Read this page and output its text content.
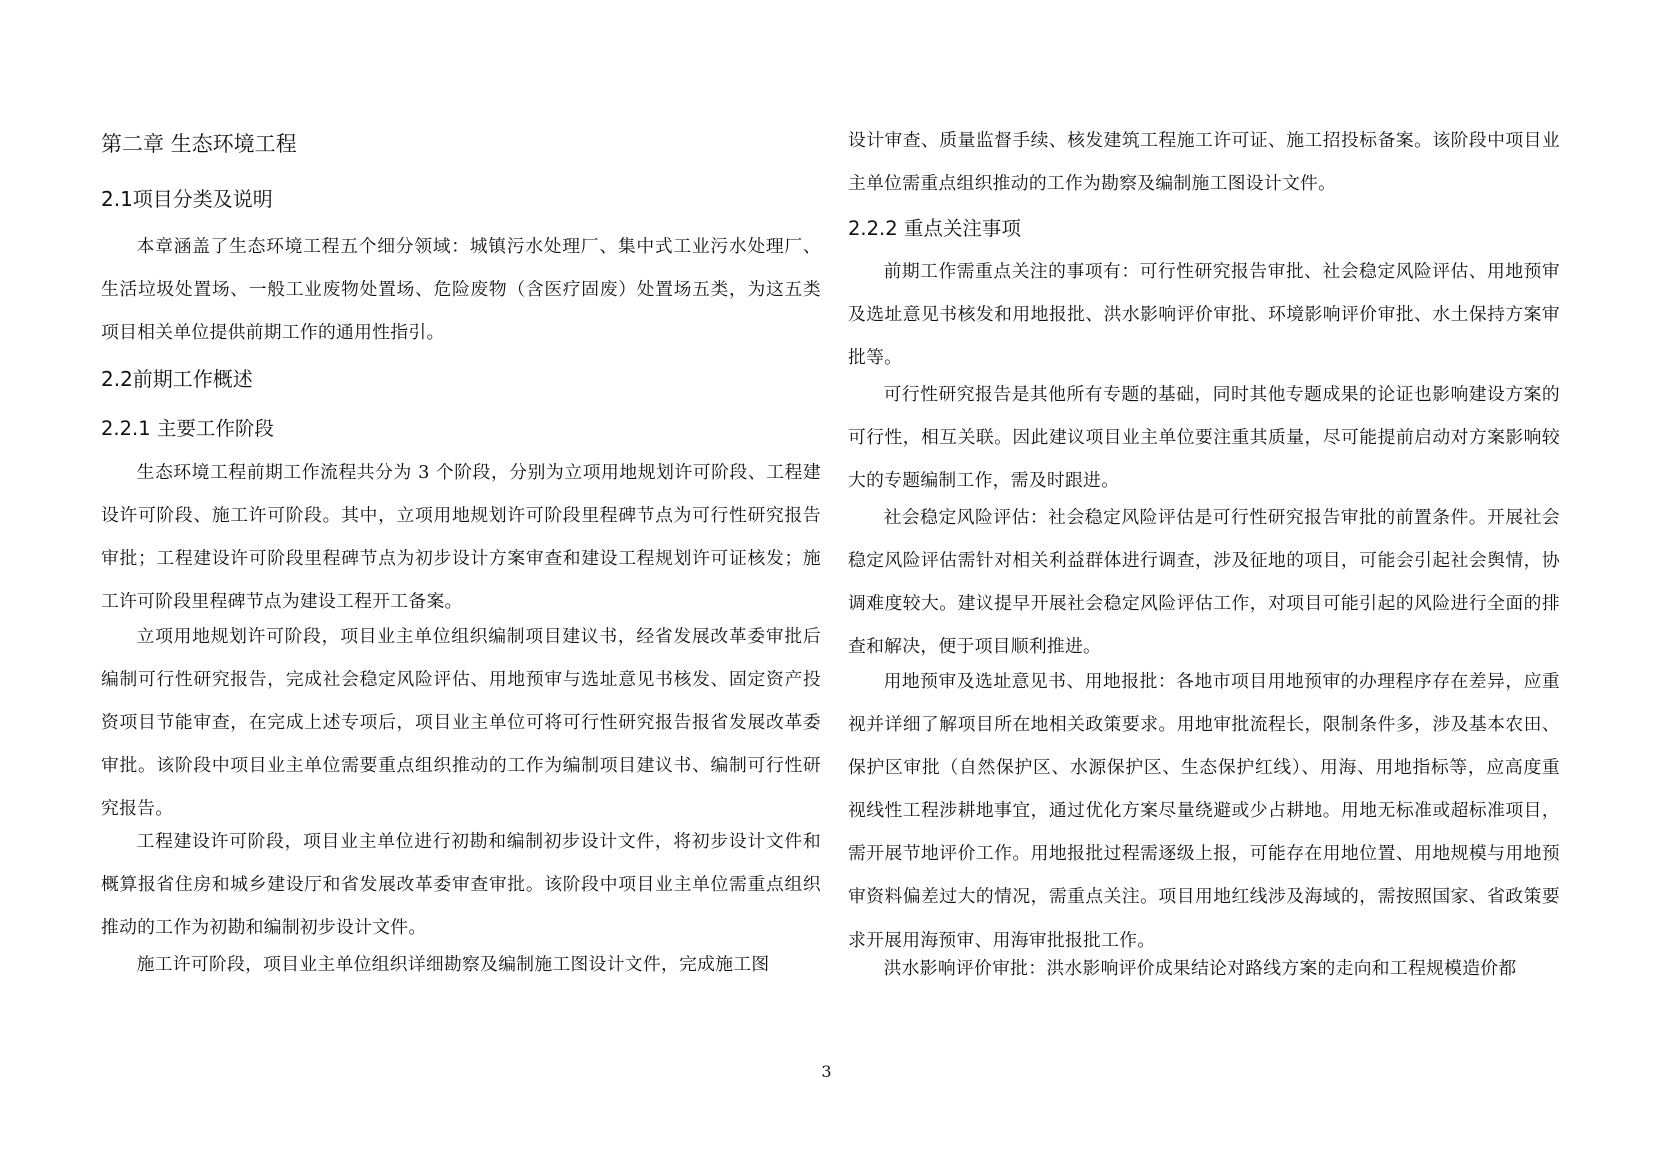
第二章 生态环境工程
2.1项目分类及说明

本章涵盖了生态环境工程五个细分领域：城镇污水处理厂、集中式工业污水处理厂、生活垃圾处置场、一般工业废物处置场、危险废物（含医疗固废）处置场五类，为这五类项目相关单位提供前期工作的通用性指引。

2.2前期工作概述
2.2.1 主要工作阶段

生态环境工程前期工作流程共分为 3 个阶段，分别为立项用地规划许可阶段、工程建设许可阶段、施工许可阶段。其中，立项用地规划许可阶段里程碑节点为可行性研究报告审批；工程建设许可阶段里程碑节点为初步设计方案审查和建设工程规划许可证核发；施工许可阶段里程碑节点为建设工程开工备案。

立项用地规划许可阶段，项目业主单位组织编制项目建议书，经省发展改革委审批后编制可行性研究报告，完成社会稳定风险评估、用地预审与选址意见书核发、固定资产投资项目节能审查，在完成上述专项后，项目业主单位可将可行性研究报告报省发展改革委审批。该阶段中项目业主单位需要重点组织推动的工作为编制项目建议书、编制可行性研究报告。

工程建设许可阶段，项目业主单位进行初勘和编制初步设计文件，将初步设计文件和概算报省住房和城乡建设厅和省发展改革委审查审批。该阶段中项目业主单位需重点组织推动的工作为初勘和编制初步设计文件。

施工许可阶段，项目业主单位组织详细勘察及编制施工图设计文件，完成施工图

设计审查、质量监督手续、核发建筑工程施工许可证、施工招投标备案。该阶段中项目业主单位需重点组织推动的工作为勘察及编制施工图设计文件。

2.2.2 重点关注事项

前期工作需重点关注的事项有：可行性研究报告审批、社会稳定风险评估、用地预审及选址意见书核发和用地报批、洪水影响评价审批、环境影响评价审批、水土保持方案审批等。

可行性研究报告是其他所有专题的基础，同时其他专题成果的论证也影响建设方案的可行性，相互关联。因此建议项目业主单位要注重其质量，尽可能提前启动对方案影响较大的专题编制工作，需及时跟进。

社会稳定风险评估：社会稳定风险评估是可行性研究报告审批的前置条件。开展社会稳定风险评估需针对相关利益群体进行调查，涉及征地的项目，可能会引起社会舆情，协调难度较大。建议提早开展社会稳定风险评估工作，对项目可能引起的风险进行全面的排查和解决，便于项目顺利推进。

用地预审及选址意见书、用地报批：各地市项目用地预审的办理程序存在差异，应重视并详细了解项目所在地相关政策要求。用地审批流程长，限制条件多，涉及基本农田、保护区审批（自然保护区、水源保护区、生态保护红线）、用海、用地指标等，应高度重视线性工程涉耕地事宜，通过优化方案尽量绕避或少占耕地。用地无标准或超标准项目，需开展节地评价工作。用地报批过程需逐级上报，可能存在用地位置、用地规模与用地预审资料偏差过大的情况，需重点关注。项目用地红线涉及海域的，需按照国家、省政策要求开展用海预审、用海审批报批工作。

洪水影响评价审批：洪水影响评价成果结论对路线方案的走向和工程规模造价都

3
